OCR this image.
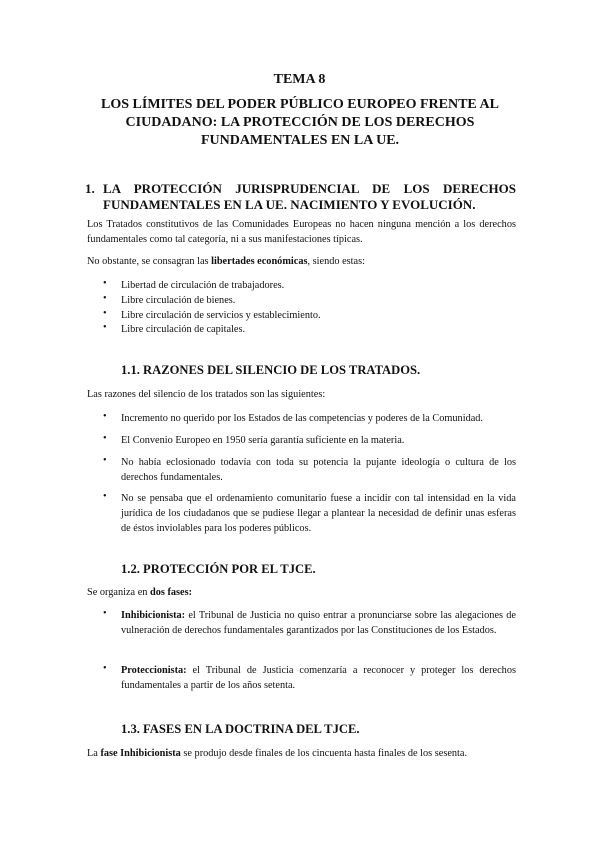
TEMA 8
LOS LÍMITES DEL PODER PÚBLICO EUROPEO FRENTE AL CIUDADANO: LA PROTECCIÓN DE LOS DERECHOS FUNDAMENTALES EN LA UE.
1. LA PROTECCIÓN JURISPRUDENCIAL DE LOS DERECHOS FUNDAMENTALES EN LA UE. NACIMIENTO Y EVOLUCIÓN.
Los Tratados constitutivos de las Comunidades Europeas no hacen ninguna mención a los derechos fundamentales como tal categoría, ni a sus manifestaciones típicas.
No obstante, se consagran las libertades económicas, siendo estas:
• Libertad de circulación de trabajadores.
• Libre circulación de bienes.
• Libre circulación de servicios y establecimiento.
• Libre circulación de capitales.
1.1. RAZONES DEL SILENCIO DE LOS TRATADOS.
Las razones del silencio de los tratados son las siguientes:
• Incremento no querido por los Estados de las competencias y poderes de la Comunidad.
• El Convenio Europeo en 1950 sería garantía suficiente en la materia.
• No había eclosionado todavía con toda su potencia la pujante ideología o cultura de los derechos fundamentales.
• No se pensaba que el ordenamiento comunitario fuese a incidir con tal intensidad en la vida jurídica de los ciudadanos que se pudiese llegar a plantear la necesidad de definir unas esferas de éstos inviolables para los poderes públicos.
1.2. PROTECCIÓN POR EL TJCE.
Se organiza en dos fases:
• Inhibicionista: el Tribunal de Justicia no quiso entrar a pronunciarse sobre las alegaciones de vulneración de derechos fundamentales garantizados por las Constituciones de los Estados.
• Proteccionista: el Tribunal de Justicia comenzaría a reconocer y proteger los derechos fundamentales a partir de los años setenta.
1.3. FASES EN LA DOCTRINA DEL TJCE.
La fase Inhibicionista se produjo desde finales de los cincuenta hasta finales de los sesenta.
